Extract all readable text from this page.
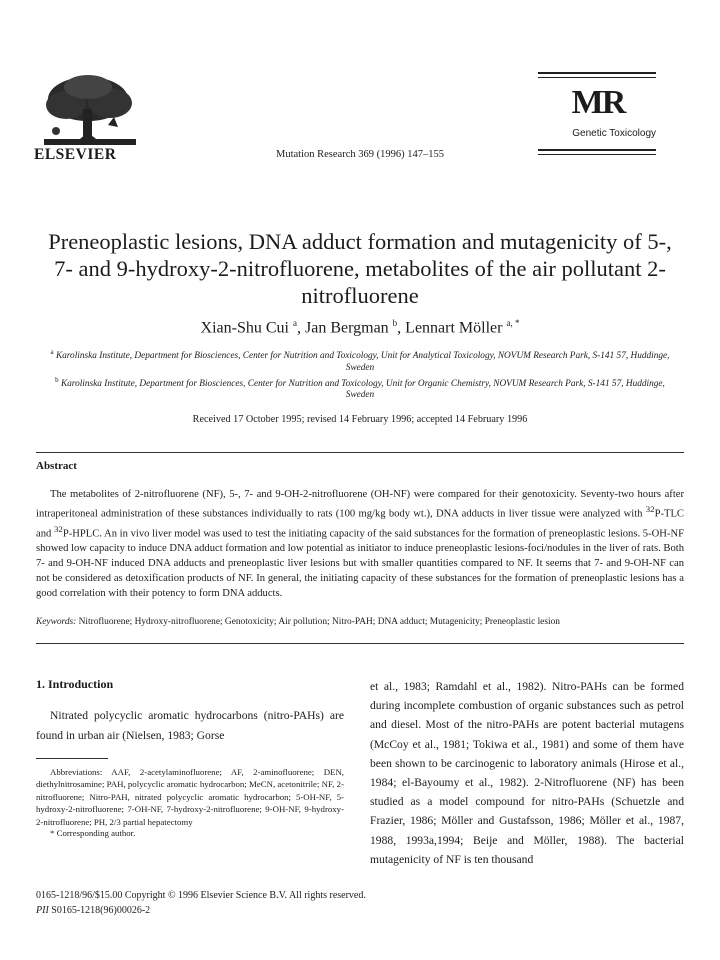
ELSEVIER	Mutation Research 369 (1996) 147–155
MR
Genetic Toxicology
Preneoplastic lesions, DNA adduct formation and mutagenicity of 5-, 7- and 9-hydroxy-2-nitrofluorene, metabolites of the air pollutant 2-nitrofluorene
Xian-Shu Cui $^a$, Jan Bergman $^b$, Lennart Möller $^{a, *}$

$^a$ Karolinska Institute, Department for Biosciences, Center for Nutrition and Toxicology, Unit for Analytical Toxicology, NOVUM Research Park, S-141 57, Huddinge, Sweden

$^b$ Karolinska Institute, Department for Biosciences, Center for Nutrition and Toxicology, Unit for Organic Chemistry, NOVUM Research Park, S-141 57, Huddinge, Sweden

Received 17 October 1995; revised 14 February 1996; accepted 14 February 1996
Abstract

The metabolites of 2-nitrofluorene (NF), 5-, 7- and 9-OH-2-nitrofluorene (OH-NF) were compared for their genotoxicity. Seventy-two hours after intraperitoneal administration of these substances individually to rats (100 mg/kg body wt.), DNA adducts in liver tissue were analyzed with $^{32}$P-TLC and $^{32}$P-HPLC. An in vivo liver model was used to test the initiating capacity of the said substances for the formation of preneoplastic lesions. 5-OH-NF showed low capacity to induce DNA adduct formation and low potential as initiator to induce preneoplastic lesions-foci/nodules in the liver of rats. Both 7- and 9-OH-NF induced DNA adducts and preneoplastic liver lesions but with smaller quantities compared to NF. It seems that 7- and 9-OH-NF can not be considered as detoxification products of NF. In general, the initiating capacity of these substances for the formation of preneoplastic lesions has a good correlation with their potency to form DNA adducts.

Keywords: Nitrofluorene; Hydroxy-nitrofluorene; Genotoxicity; Air pollution; Nitro-PAH; DNA adduct; Mutagenicity; Preneoplastic lesion

1. Introduction

Nitrated polycyclic aromatic hydrocarbons (nitro-PAHs) are found in urban air (Nielsen, 1983; Gorse

Abbreviations: AAF, 2-acetylaminofluorene; AF, 2-aminofluorene; DEN, diethylnitrosamine; PAH, polycyclic aromatic hydrocarbon; MeCN, acetonitrile; NF, 2-nitrofluorene; Nitro-PAH, nitrated polycyclic aromatic hydrocarbon; 5-OH-NF, 5-hydroxy-2-nitrofluorene; 7-OH-NF, 7-hydroxy-2-nitrofluorene; 9-OH-NF, 9-hydroxy-2-nitrofluorene; PH, 2/3 partial hepatectomy

* Corresponding author.

et al., 1983; Ramdahl et al., 1982). Nitro-PAHs can be formed during incomplete combustion of organic substances such as petrol and diesel. Most of the nitro-PAHs are potent bacterial mutagens (McCoy et al., 1981; Tokiwa et al., 1981) and some of them have been shown to be carcinogenic to laboratory animals (Hirose et al., 1984; el-Bayoumy et al., 1982). 2-Nitrofluorene (NF) has been studied as a model compound for nitro-PAHs (Schuetzle and Frazier, 1986; Möller and Gustafsson, 1986; Möller et al., 1987, 1988, 1993a,1994; Beije and Möller, 1988). The bacterial mutagenicity of NF is ten thousand

0165-1218/96/$15.00 Copyright © 1996 Elsevier Science B.V. All rights reserved.
PII S0165-1218(96)00026-2
